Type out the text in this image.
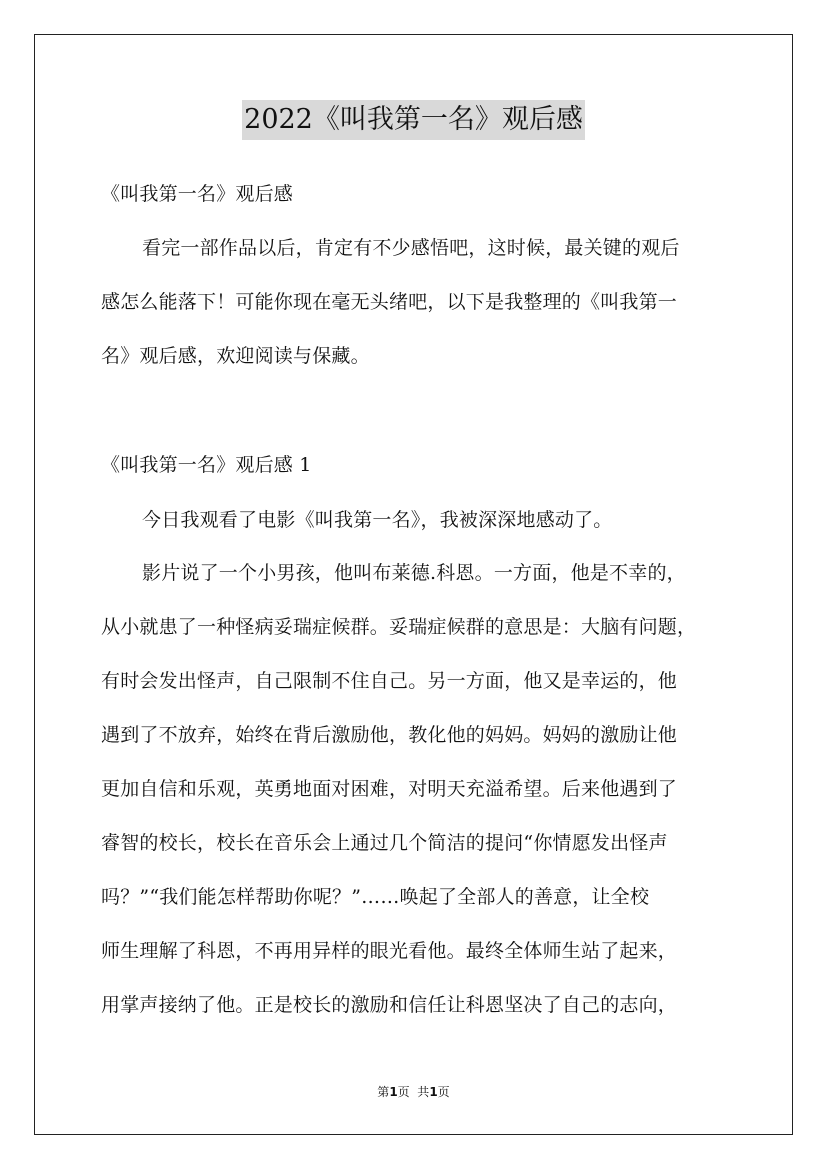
2022《叫我第一名》观后感
《叫我第一名》观后感
看完一部作品以后，肯定有不少感悟吧，这时候，最关键的观后
感怎么能落下！可能你现在毫无头绪吧，以下是我整理的《叫我第一
名》观后感，欢迎阅读与保藏。
《叫我第一名》观后感 1
今日我观看了电影《叫我第一名》，我被深深地感动了。
影片说了一个小男孩，他叫布莱德.科恩。一方面，他是不幸的，
从小就患了一种怪病妥瑞症候群。妥瑞症候群的意思是：大脑有问题，
有时会发出怪声，自己限制不住自己。另一方面，他又是幸运的，他
遇到了不放弃，始终在背后激励他，教化他的妈妈。妈妈的激励让他
更加自信和乐观，英勇地面对困难，对明天充溢希望。后来他遇到了
睿智的校长，校长在音乐会上通过几个简洁的提问“你情愿发出怪声
吗？”“我们能怎样帮助你呢？”……唤起了全部人的善意，让全校
师生理解了科恩，不再用异样的眼光看他。最终全体师生站了起来，
用掌声接纳了他。正是校长的激励和信任让科恩坚决了自己的志向，
第1页  共1页
